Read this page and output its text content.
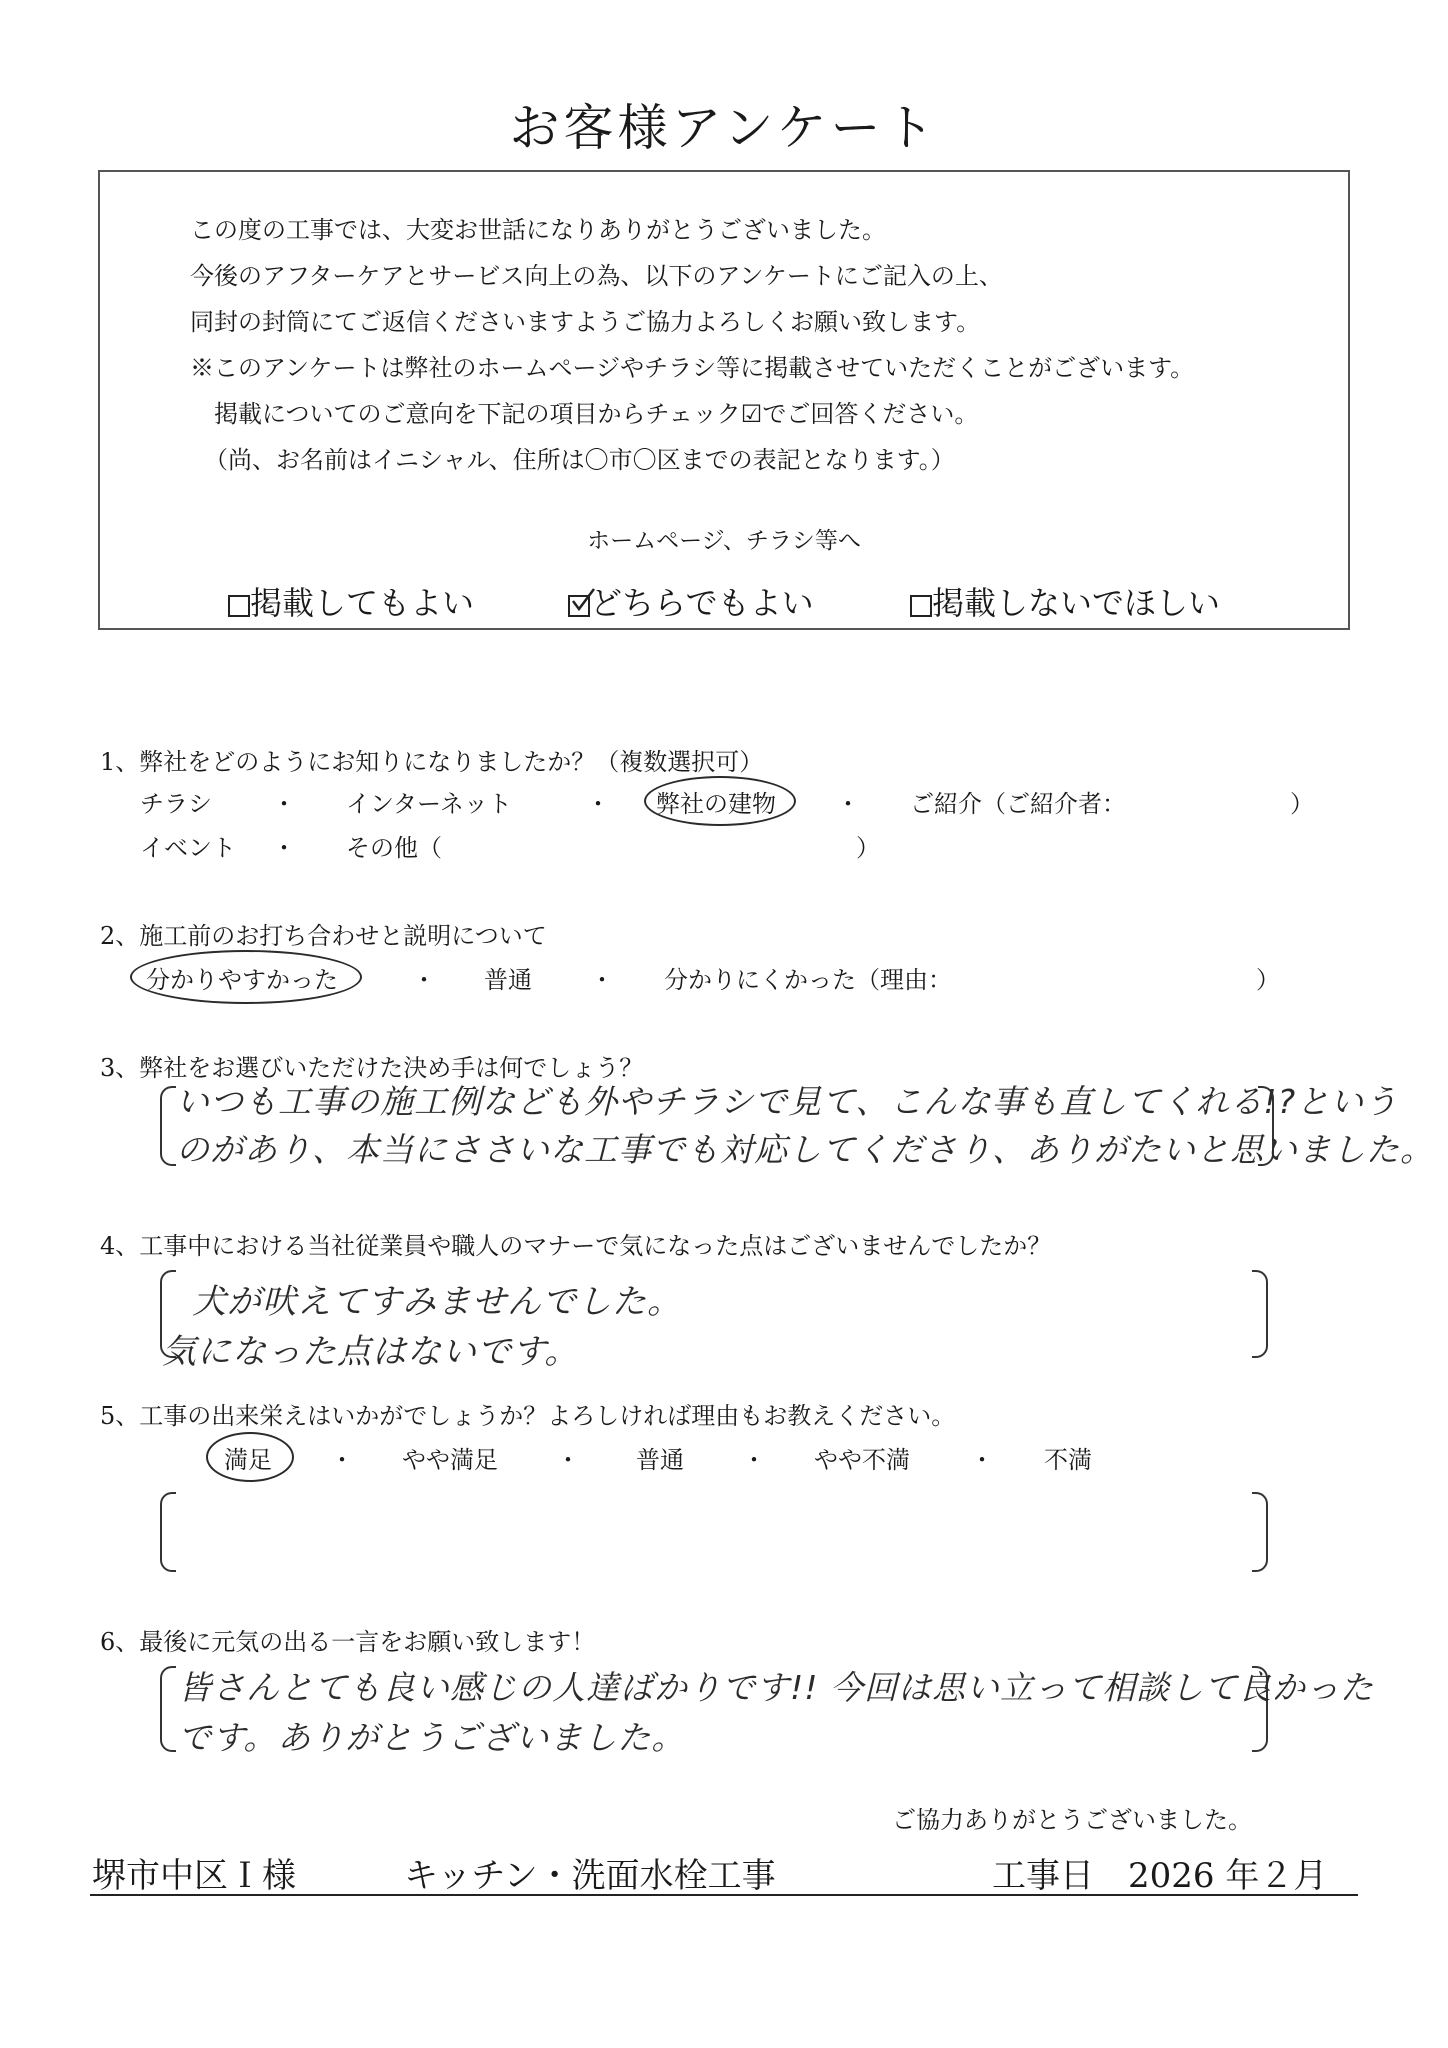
お客様アンケート
この度の工事では、大変お世話になりありがとうございました。
今後のアフターケアとサービス向上の為、以下のアンケートにご記入の上、
同封の封筒にてご返信くださいますようご協力よろしくお願い致します。
※このアンケートは弊社のホームページやチラシ等に掲載させていただくことがございます。
掲載についてのご意向を下記の項目からチェック☑でご回答ください。
（尚、お名前はイニシャル、住所は〇市〇区までの表記となります。）
ホームページ、チラシ等へ
掲載してもよい	どちらでもよい	掲載しないでほしい
1、弊社をどのようにお知りになりましたか？（複数選択可）
チラシ	・ インターネット	・ 弊社の建物	・ ご紹介（ご紹介者：	）
イベント ・ その他（	）
2、施工前のお打ち合わせと説明について
分かりやすかった	・ 普通 ・ 分かりにくかった（理由：	）
3、弊社をお選びいただけた決め手は何でしょう？
いつも工事の施工例なども外やチラシで見て、こんな事も直してくれる!?という
のがあり、本当にささいな工事でも対応してくださり、ありがたいと思いました。
4、工事中における当社従業員や職人のマナーで気になった点はございませんでしたか？
犬が吠えてすみませんでした。
気になった点はないです。
5、工事の出来栄えはいかがでしょうか？よろしければ理由もお教えください。
満足 ・ やや満足 ・ 普通 ・ やや不満	・ 不満
6、最後に元気の出る一言をお願い致します！
皆さんとても良い感じの人達ばかりです!! 今回は思い立って相談して良かった
です。ありがとうございました。
ご協力ありがとうございました。
堺市中区Ｉ様	キッチン・洗面水栓工事	工事日　2026 年２月
